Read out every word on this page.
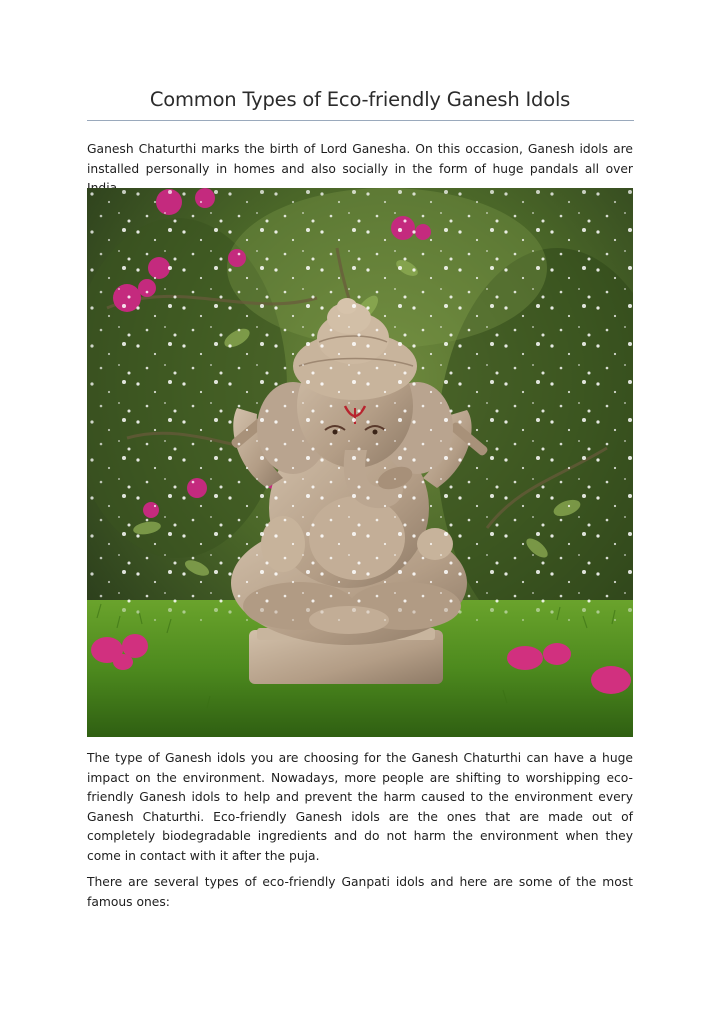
Common Types of Eco-friendly Ganesh Idols

Ganesh Chaturthi marks the birth of Lord Ganesha. On this occasion, Ganesh idols are installed personally in homes and also socially in the form of huge pandals all over

The type of Ganesh idols you are choosing for the Ganesh Chaturthi can have a huge impact on the environment. Nowadays, more people are shifting to worshipping eco-friendly Ganesh idols to help and prevent the harm caused to the environment every Ganesh Chaturthi. Eco-friendly Ganesh idols are the ones that are made out of completely biodegradable ingredients and do not harm the environment when they come in contact with it after the puja.

There are several types of eco-friendly Ganpati idols and here are some of the most famous ones:
